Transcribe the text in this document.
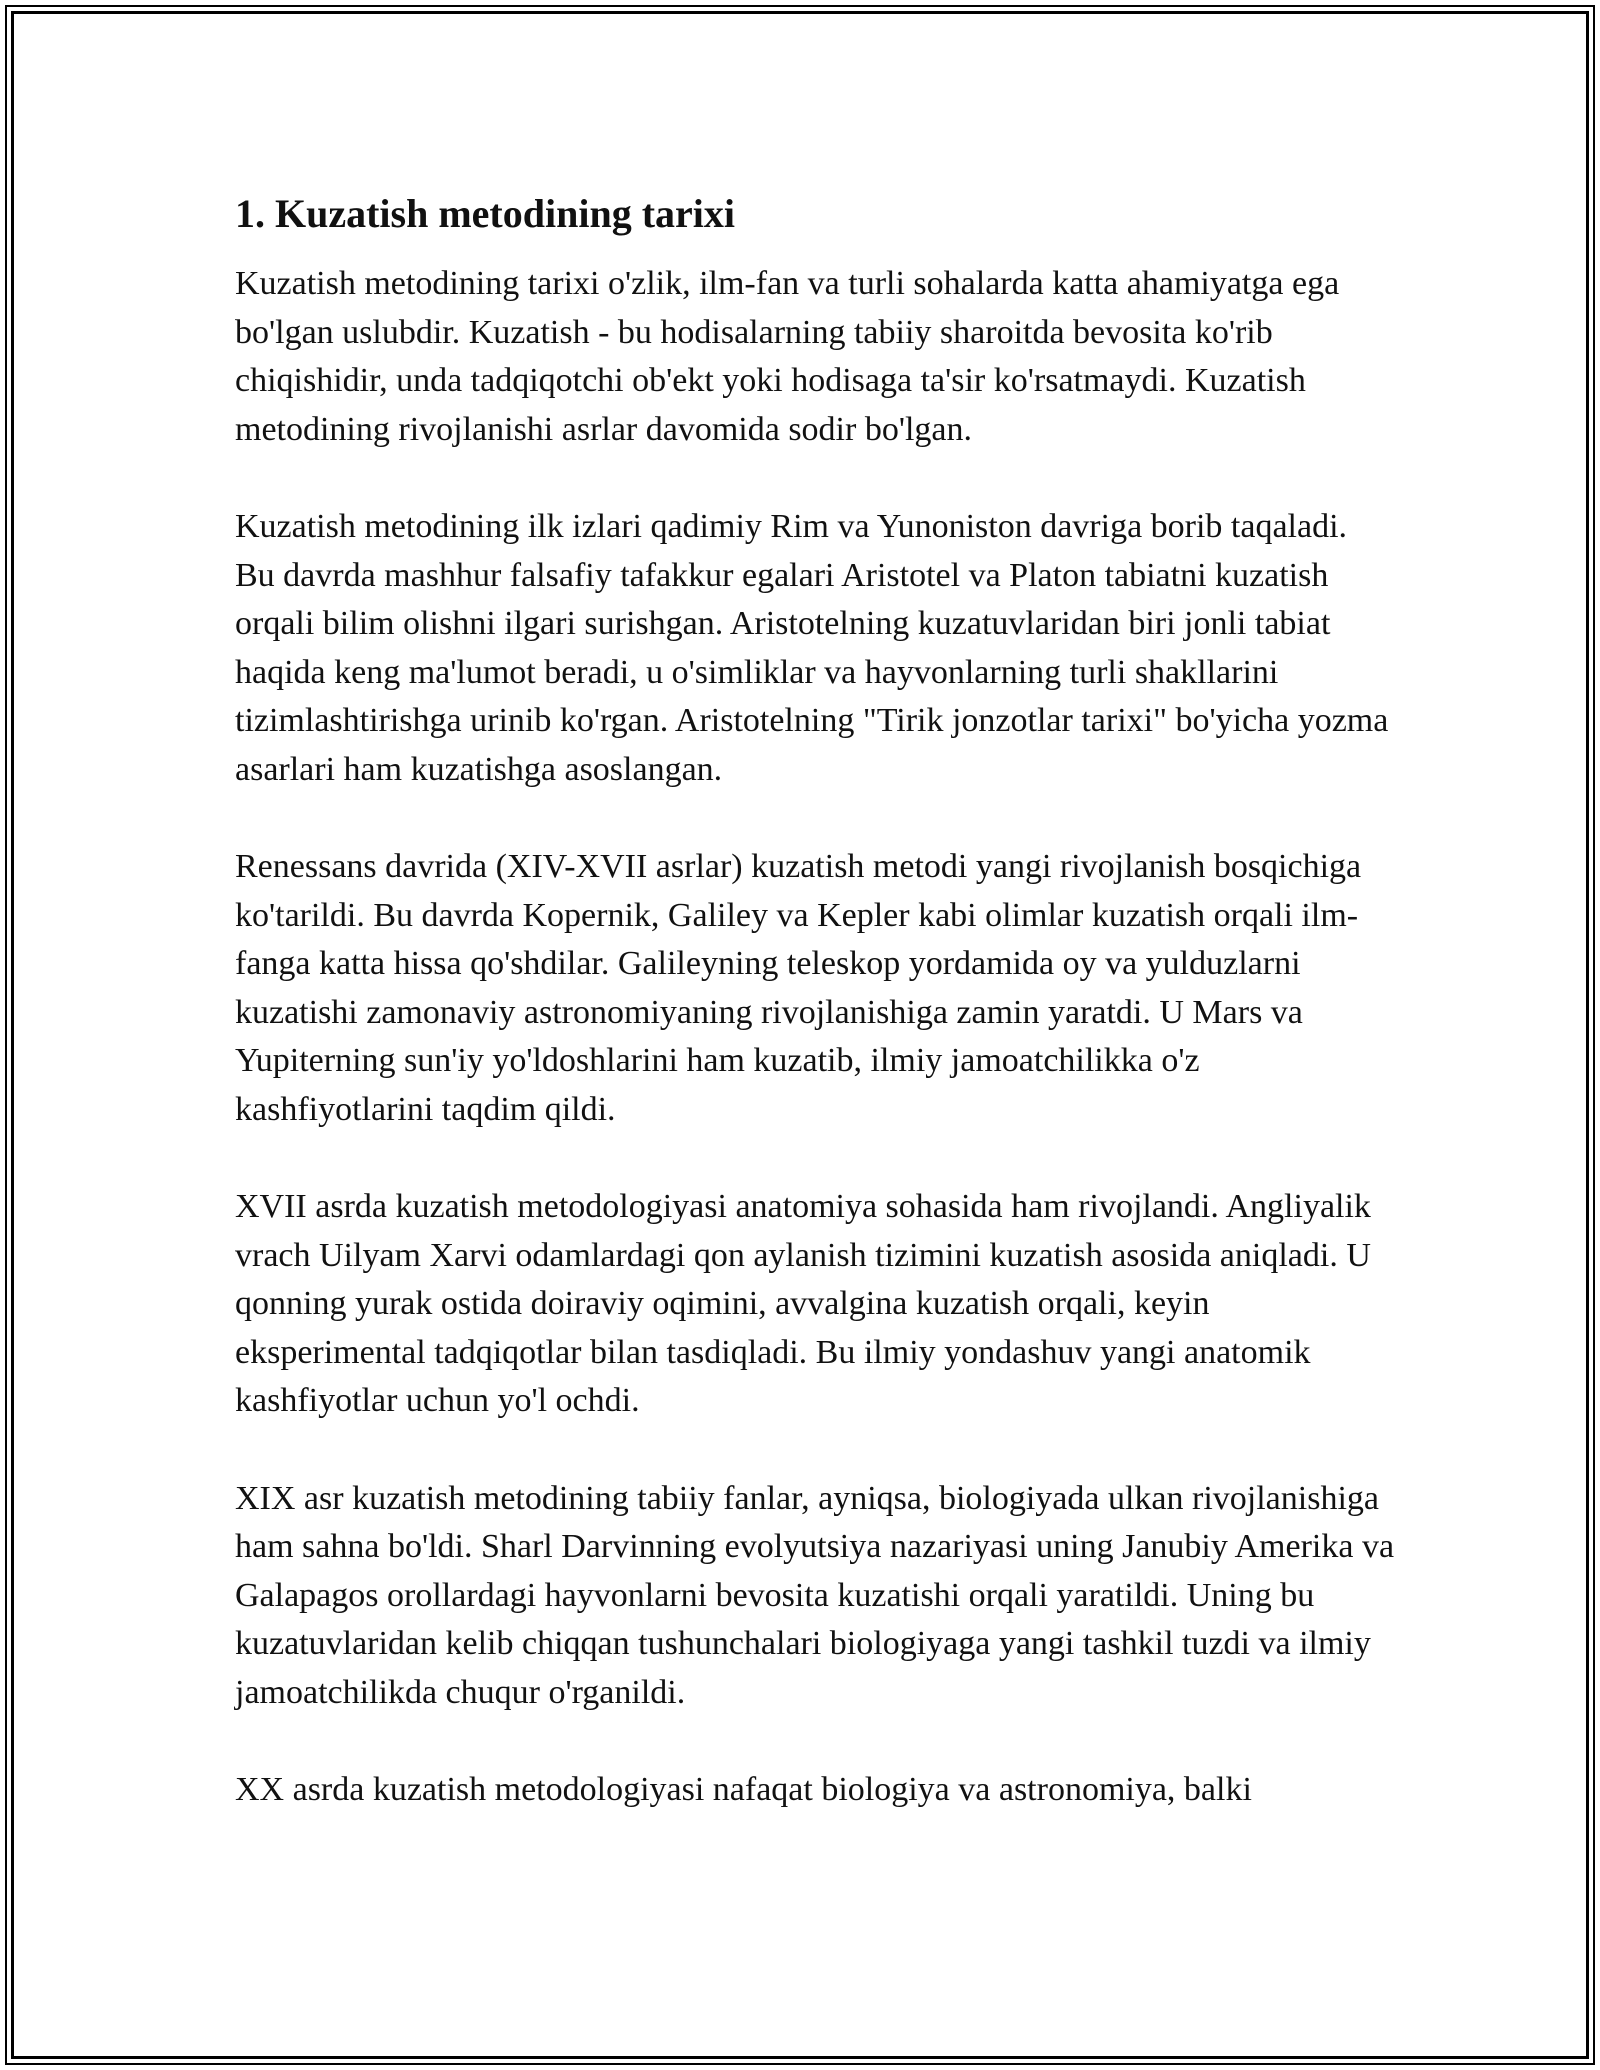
1. Kuzatish metodining tarixi

Kuzatish metodining tarixi o'zlik, ilm-fan va turli sohalarda katta ahamiyatga ega bo'lgan uslubdir. Kuzatish - bu hodisalarning tabiiy sharoitda bevosita ko'rib chiqishidir, unda tadqiqotchi ob'ekt yoki hodisaga ta'sir ko'rsatmaydi. Kuzatish metodining rivojlanishi asrlar davomida sodir bo'lgan.

Kuzatish metodining ilk izlari qadimiy Rim va Yunoniston davriga borib taqaladi. Bu davrda mashhur falsafiy tafakkur egalari Aristotel va Platon tabiatni kuzatish orqali bilim olishni ilgari surishgan. Aristotelning kuzatuvlaridan biri jonli tabiat haqida keng ma'lumot beradi, u o'simliklar va hayvonlarning turli shakllarini tizimlashtirishga urinib ko'rgan. Aristotelning "Tirik jonzotlar tarixi" bo'yicha yozma asarlari ham kuzatishga asoslangan.

Renessans davrida (XIV-XVII asrlar) kuzatish metodi yangi rivojlanish bosqichiga ko'tarildi. Bu davrda Kopernik, Galiley va Kepler kabi olimlar kuzatish orqali ilm-fanga katta hissa qo'shdilar. Galileyning teleskop yordamida oy va yulduzlarni kuzatishi zamonaviy astronomiyaning rivojlanishiga zamin yaratdi. U Mars va Yupiterning sun'iy yo'ldoshlarini ham kuzatib, ilmiy jamoatchilikka o'z kashfiyotlarini taqdim qildi.

XVII asrda kuzatish metodologiyasi anatomiya sohasida ham rivojlandi. Angliyalik vrach Uilyam Xarvi odamlardagi qon aylanish tizimini kuzatish asosida aniqladi. U qonning yurak ostida doiraviy oqimini, avvalgina kuzatish orqali, keyin eksperimental tadqiqotlar bilan tasdiqladi. Bu ilmiy yondashuv yangi anatomik kashfiyotlar uchun yo'l ochdi.

XIX asr kuzatish metodining tabiiy fanlar, ayniqsa, biologiyada ulkan rivojlanishiga ham sahna bo'ldi. Sharl Darvinning evolyutsiya nazariyasi uning Janubiy Amerika va Galapagos orollardagi hayvonlarni bevosita kuzatishi orqali yaratildi. Uning bu kuzatuvlaridan kelib chiqqan tushunchalari biologiyaga yangi tashkil tuzdi va ilmiy jamoatchilikda chuqur o'rganildi.

XX asrda kuzatish metodologiyasi nafaqat biologiya va astronomiya, balki
